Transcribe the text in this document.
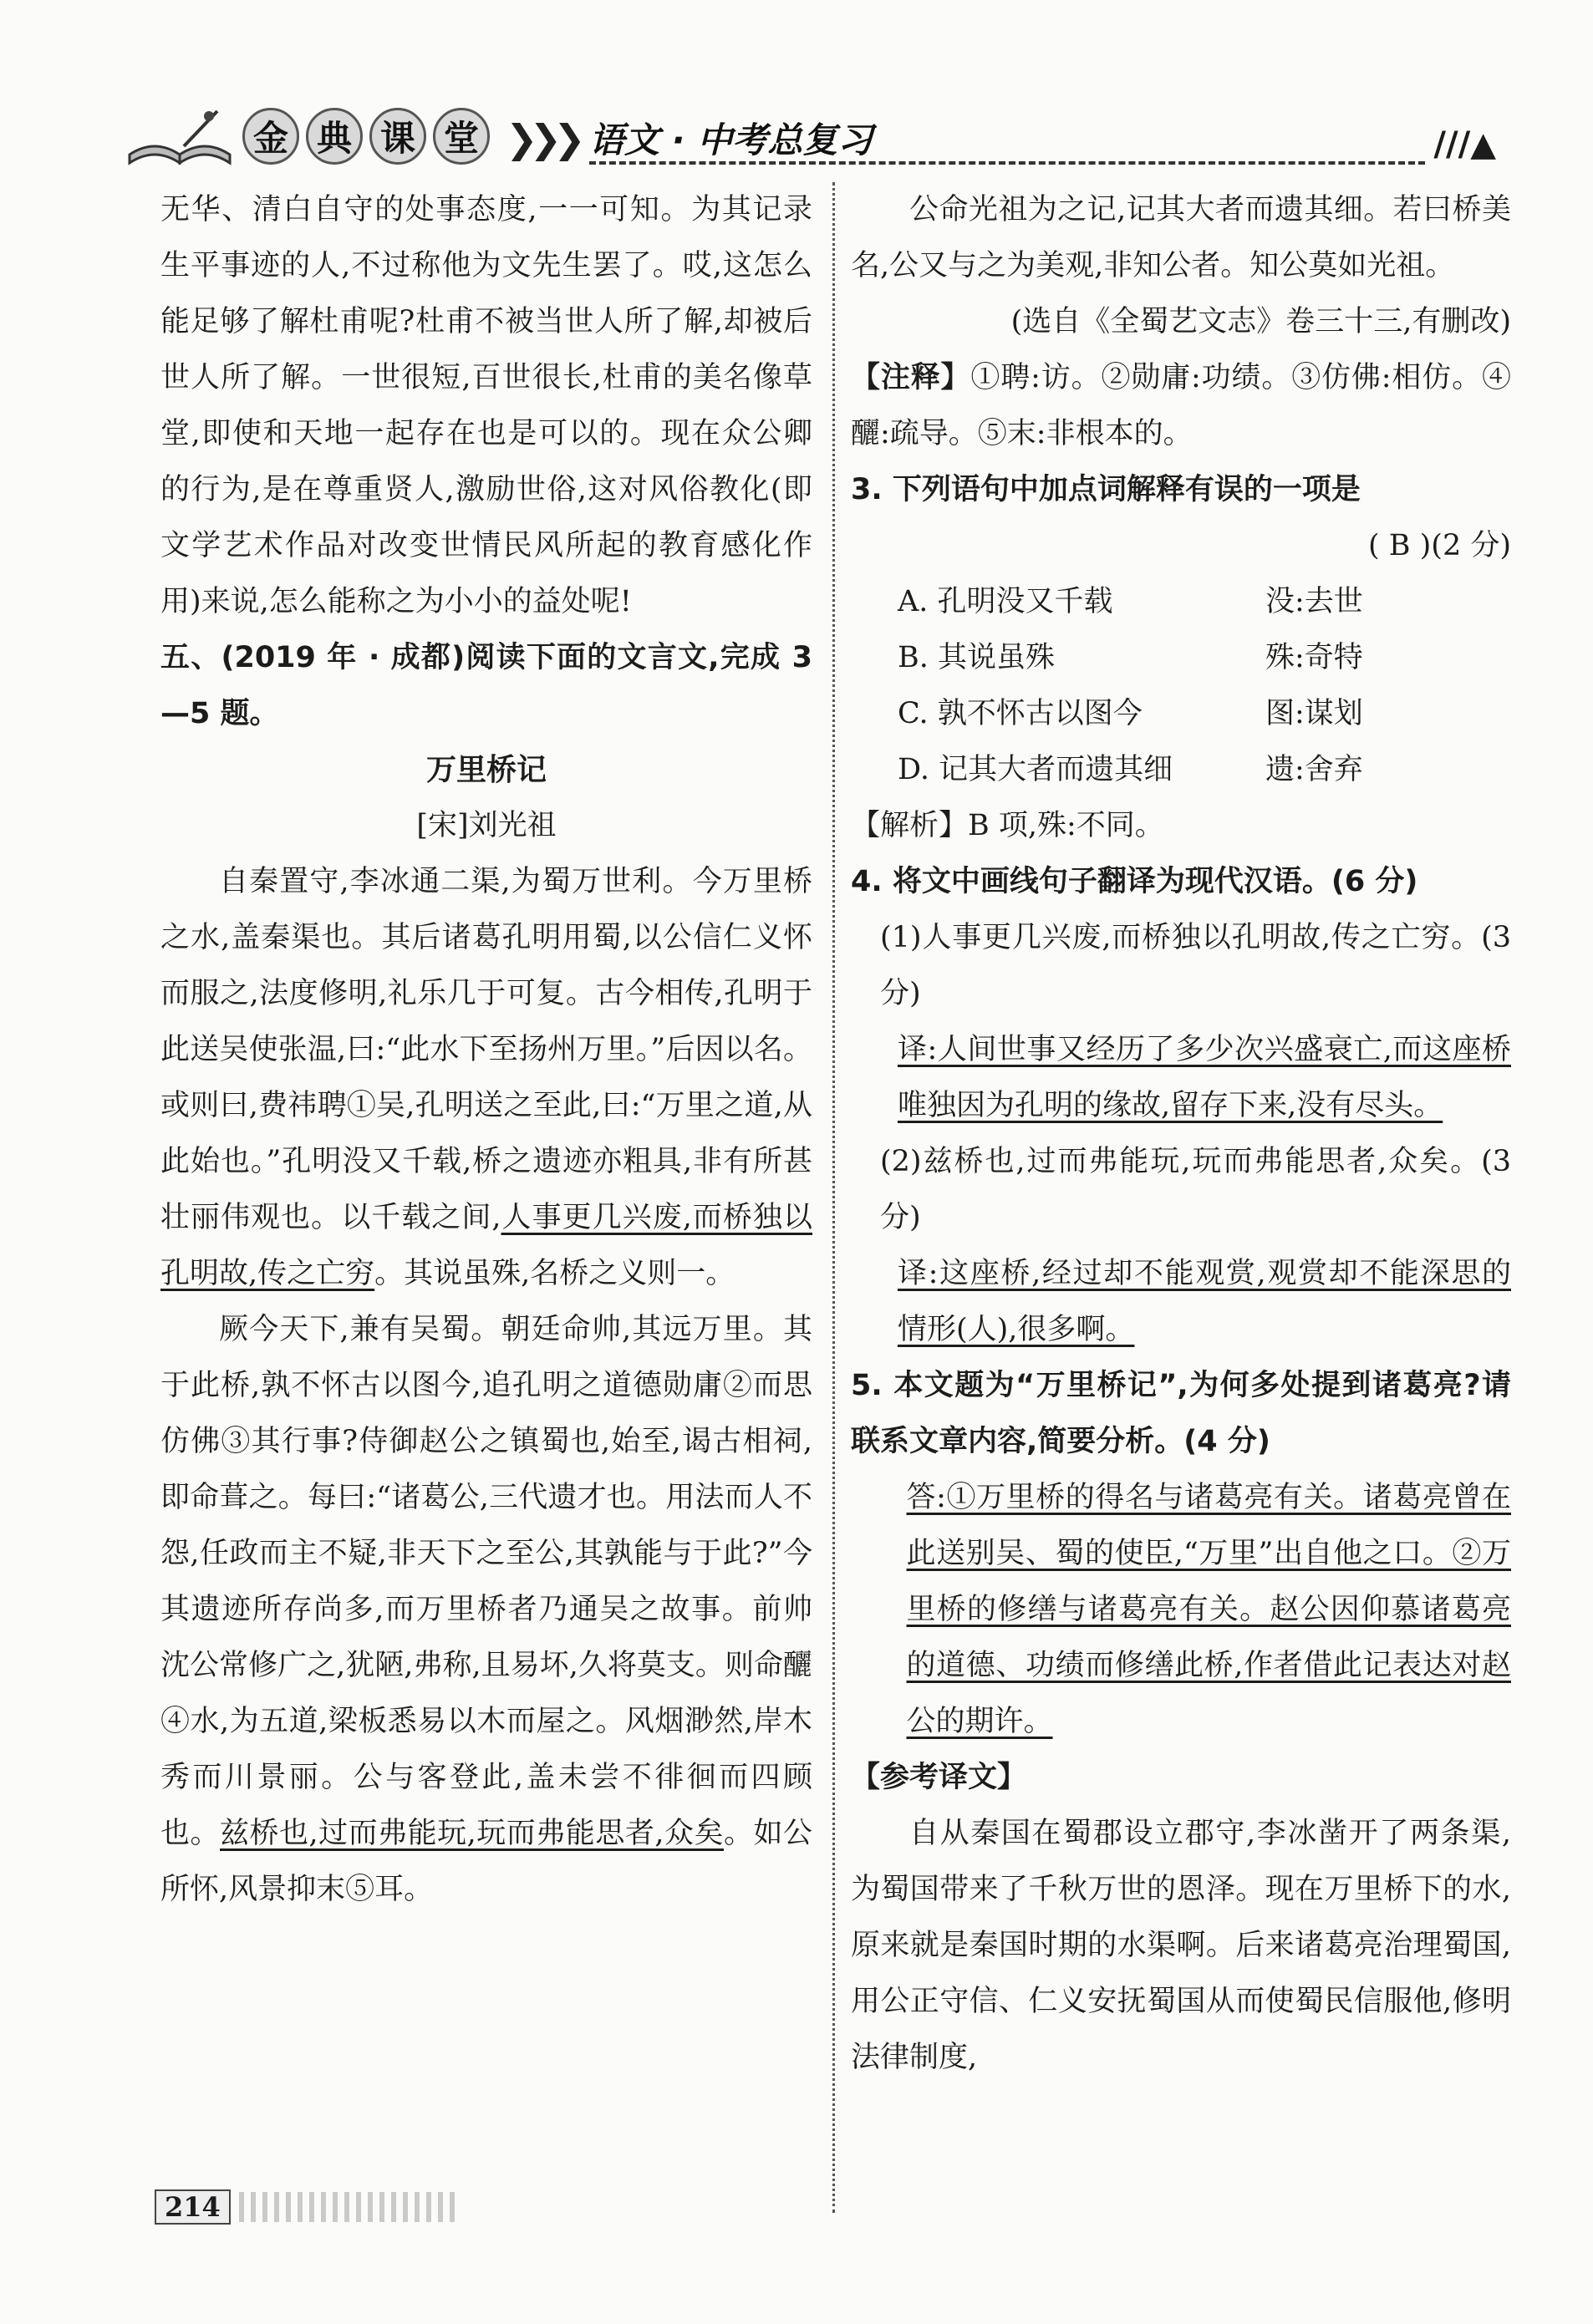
金 典 课 堂 ❯❯❯ 语文 · 中考总复习	///▲

无华、清白自守的处事态度,一一可知。为其记录生平事迹的人,不过称他为文先生罢了。哎,这怎么能足够了解杜甫呢?杜甫不被当世人所了解,却被后世人所了解。一世很短,百世很长,杜甫的美名像草堂,即使和天地一起存在也是可以的。现在众公卿的行为,是在尊重贤人,激励世俗,这对风俗教化(即文学艺术作品对改变世情民风所起的教育感化作用)来说,怎么能称之为小小的益处呢!

五、(2019 年 · 成都)阅读下面的文言文,完成 3—5 题。

万里桥记

[宋]刘光祖

自秦置守,李冰通二渠,为蜀万世利。今万里桥之水,盖秦渠也。其后诸葛孔明用蜀,以公信仁义怀而服之,法度修明,礼乐几于可复。古今相传,孔明于此送吴使张温,曰:“此水下至扬州万里。”后因以名。或则曰,费祎聘①吴,孔明送之至此,曰:“万里之道,从此始也。”孔明没又千载,桥之遗迹亦粗具,非有所甚壮丽伟观也。以千载之间,人事更几兴废,而桥独以孔明故,传之亡穷。其说虽殊,名桥之义则一。

厥今天下,兼有吴蜀。朝廷命帅,其远万里。其于此桥,孰不怀古以图今,追孔明之道德勋庸②而思仿佛③其行事?侍御赵公之镇蜀也,始至,谒古相祠,即命葺之。每曰:“诸葛公,三代遗才也。用法而人不怨,任政而主不疑,非天下之至公,其孰能与于此?”今其遗迹所存尚多,而万里桥者乃通吴之故事。前帅沈公常修广之,犹陋,弗称,且易坏,久将莫支。则命釃④水,为五道,梁板悉易以木而屋之。风烟渺然,岸木秀而川景丽。公与客登此,盖未尝不徘徊而四顾也。兹桥也,过而弗能玩,玩而弗能思者,众矣。如公所怀,风景抑末⑤耳。

公命光祖为之记,记其大者而遗其细。若曰桥美名,公又与之为美观,非知公者。知公莫如光祖。

(选自《全蜀艺文志》卷三十三,有删改)

【注释】①聘:访。②勋庸:功绩。③仿佛:相仿。④釃:疏导。⑤末:非根本的。

3. 下列语句中加点词解释有误的一项是

( B )(2 分)

A. 孔明没又千载	没:去世
B. 其说虽殊	殊:奇特
C. 孰不怀古以图今	图:谋划
D. 记其大者而遗其细	遗:舍弃

【解析】B 项,殊:不同。

4. 将文中画线句子翻译为现代汉语。(6 分)

(1)人事更几兴废,而桥独以孔明故,传之亡穷。(3 分)

译:人间世事又经历了多少次兴盛衰亡,而这座桥唯独因为孔明的缘故,留存下来,没有尽头。

(2)兹桥也,过而弗能玩,玩而弗能思者,众矣。(3 分)

译:这座桥,经过却不能观赏,观赏却不能深思的情形(人),很多啊。

5. 本文题为“万里桥记”,为何多处提到诸葛亮?请联系文章内容,简要分析。(4 分)

答:①万里桥的得名与诸葛亮有关。诸葛亮曾在此送别吴、蜀的使臣,“万里”出自他之口。②万里桥的修缮与诸葛亮有关。赵公因仰慕诸葛亮的道德、功绩而修缮此桥,作者借此记表达对赵公的期许。

【参考译文】

自从秦国在蜀郡设立郡守,李冰凿开了两条渠,为蜀国带来了千秋万世的恩泽。现在万里桥下的水,原来就是秦国时期的水渠啊。后来诸葛亮治理蜀国,用公正守信、仁义安抚蜀国从而使蜀民信服他,修明法律制度,

214
